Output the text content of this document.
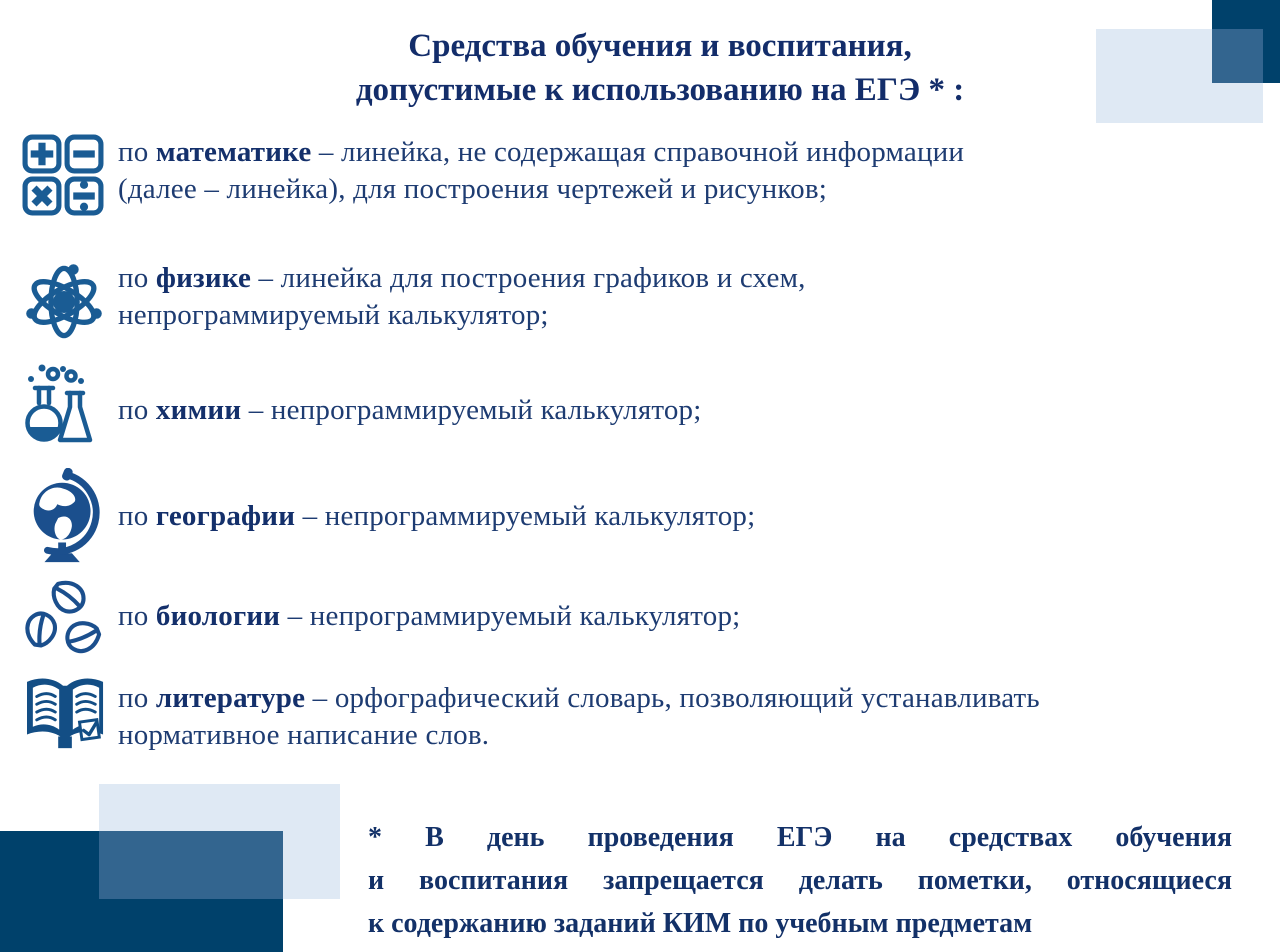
Средства обучения и воспитания,
допустимые к использованию на ЕГЭ * :
по математике – линейка, не содержащая справочной информации
(далее – линейка), для построения чертежей и рисунков;
по физике – линейка для построения графиков и схем,
непрограммируемый калькулятор;
по химии – непрограммируемый калькулятор;
по географии – непрограммируемый калькулятор;
по биологии – непрограммируемый калькулятор;
по литературе – орфографический словарь, позволяющий устанавливать
нормативное написание слов.
* В день проведения ЕГЭ на средствах обучения
и воспитания запрещается делать пометки, относящиеся
к содержанию заданий КИМ по учебным предметам
